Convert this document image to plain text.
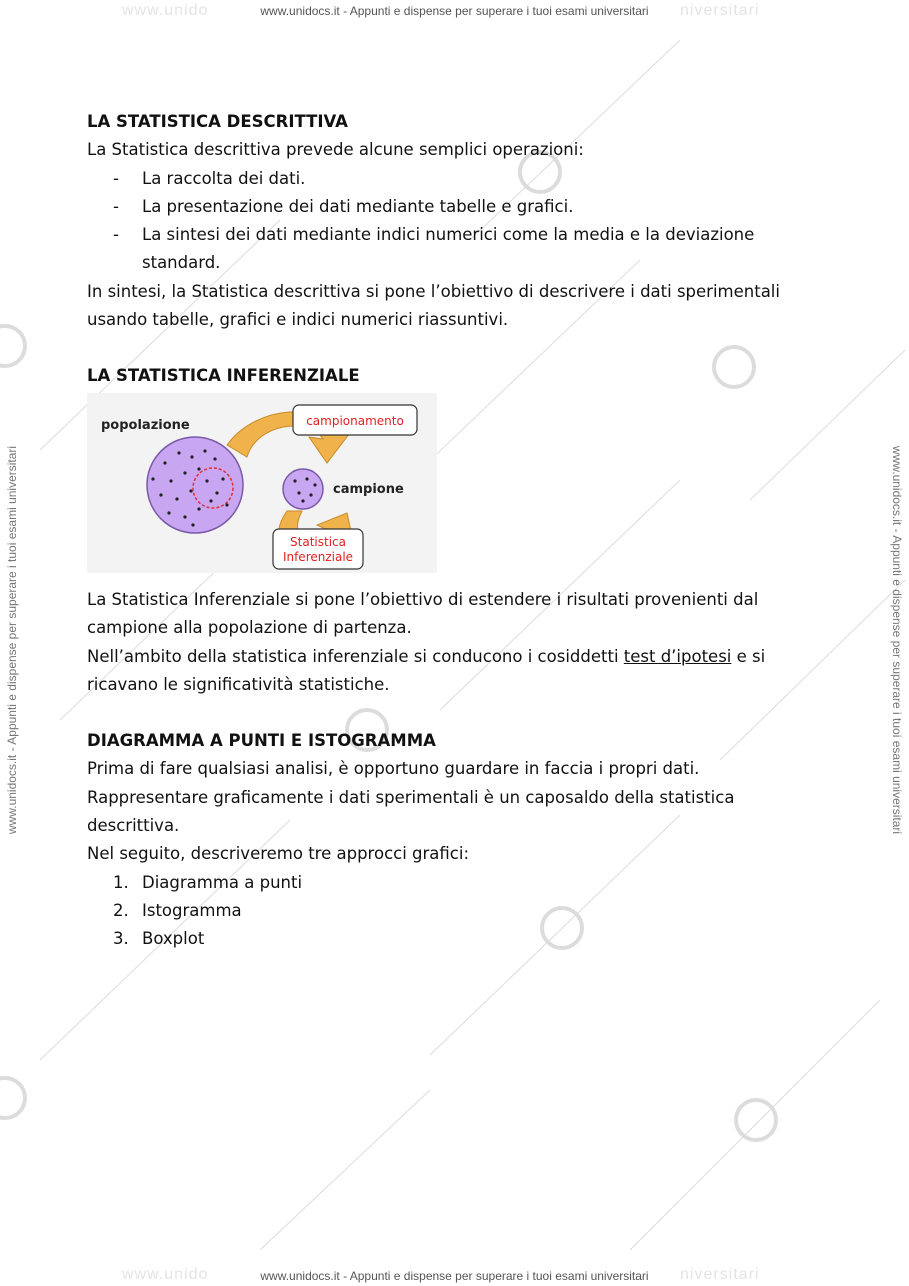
www.unido	niversitari
www.unido	niversitari
www.unidocs.it - Appunti e dispense per superare i tuoi esami universitari
www.unidocs.it - Appunti e dispense per superare i tuoi esami universitari
www.unidocs.it - Appunti e dispense per superare i tuoi esami universitari	www.unidocs.it - Appunti e dispense per superare i tuoi esami universitari

LA STATISTICA DESCRITTIVA

La Statistica descrittiva prevede alcune semplici operazioni:

- La raccolta dei dati.
- La presentazione dei dati mediante tabelle e grafici.
- La sintesi dei dati mediante indici numerici come la media e la deviazione standard.

In sintesi, la Statistica descrittiva si pone l’obiettivo di descrivere i dati sperimentali usando tabelle, grafici e indici numerici riassuntivi.

LA STATISTICA INFERENZIALE

popolazione
campione
campionamento
Statistica
Inferenziale

La Statistica Inferenziale si pone l’obiettivo di estendere i risultati provenienti dal campione alla popolazione di partenza.

Nell’ambito della statistica inferenziale si conducono i cosiddetti test d’ipotesi e si ricavano le significatività statistiche.

DIAGRAMMA A PUNTI E ISTOGRAMMA

Prima di fare qualsiasi analisi, è opportuno guardare in faccia i propri dati.

Rappresentare graficamente i dati sperimentali è un caposaldo della statistica descrittiva.

Nel seguito, descriveremo tre approcci grafici:

1. Diagramma a punti
2. Istogramma
3. Boxplot
